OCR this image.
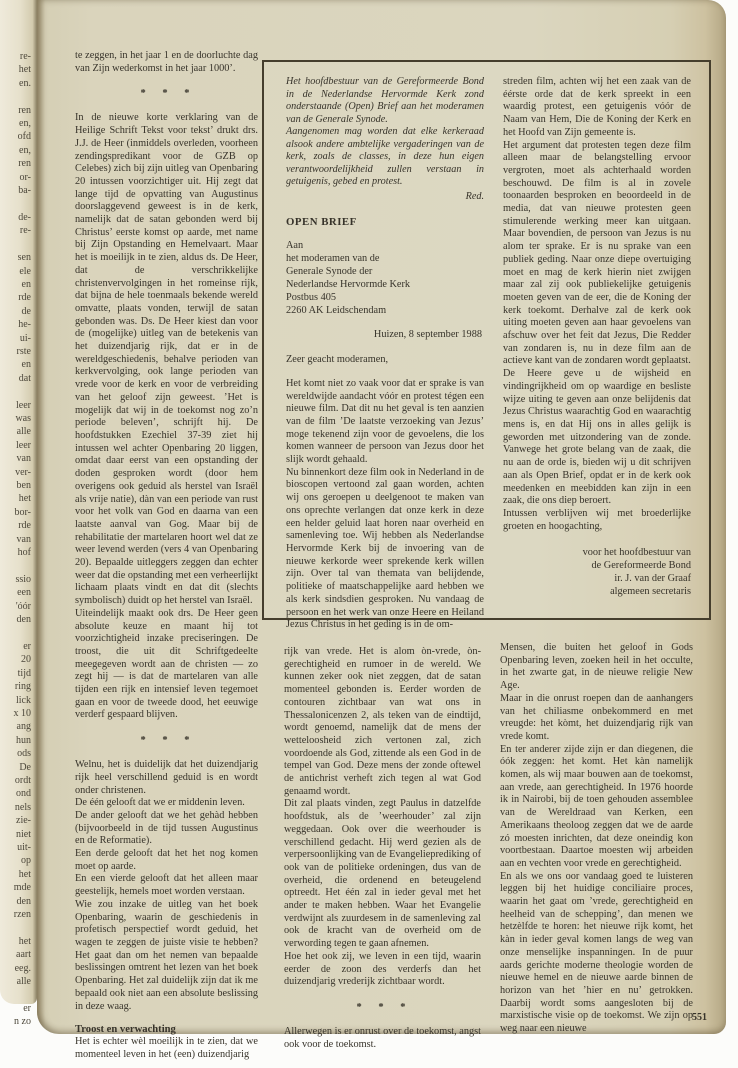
re-
het
en.

ren
en,
ofd
en,
ren
or-
ba-

de-
re-

sen
ele
en
rde
de
he-
ui-
rste
en
dat

leer
was
alle
leer
van
ver-
ben
het
bor-
rde
van
hof

ssio
een
'óór
den

er
20
tijd
ring
lick
x 10
ang
hun
ods
De
ordt
ond
nels
zie-
niet
uit-
op
het
mde
den
rzen

het
aart
eeg.
alle

er
n zo

te zeggen, in het jaar 1 en de doorluchte dag van Zijn wederkomst in het jaar 1000’.

* * *

In de nieuwe korte verklaring van de Heilige Schrift Tekst voor tekst’ drukt drs. J.J. de Heer (inmiddels overleden, voorheen zendingspredikant voor de GZB op Celebes) zich bij zijn uitleg van Openbaring 20 intussen voorzichtiger uit. Hij zegt dat lange tijd de opvatting van Augustinus doorslaggevend geweest is in de kerk, namelijk dat de satan gebonden werd bij Christus’ eerste komst op aarde, met name bij Zijn Opstanding en Hemelvaart. Maar het is moeilijk in te zien, aldus ds. De Heer, dat de verschrikkelijke christenvervolgingen in het romeinse rijk, dat bijna de hele toenmaals bekende wereld omvatte, plaats vonden, terwijl de satan gebonden was. Ds. De Heer kiest dan voor de (mogelijke) uitleg van de betekenis van het duizendjarig rijk, dat er in de wereldgeschiedenis, behalve perioden van kerkvervolging, ook lange perioden van vrede voor de kerk en voor de verbreiding van het geloof zijn geweest. ’Het is mogelijk dat wij in de toekomst nog zo’n periode beleven’, schrijft hij. De hoofdstukken Ezechiel 37-39 ziet hij intussen wel achter Openbaring 20 liggen, omdat daar eerst van een opstanding der doden gesproken wordt (door hem overigens ook geduid als herstel van Israël als vrije natie), dàn van een periode van rust voor het volk van God en daarna van een laatste aanval van Gog. Maar bij de rehabilitatie der martelaren hoort wel dat ze weer levend werden (vers 4 van Openbaring 20). Bepaalde uitleggers zeggen dan echter weer dat die opstanding met een verheerlijkt lichaam plaats vindt en dat dit (slechts symbolisch) duidt op het herstel van Israël.

Uiteindelijk maakt ook drs. De Heer geen absolute keuze en maant hij tot voorzichtigheid inzake preciseringen. De troost, die uit dit Schriftgedeelte meegegeven wordt aan de christen — zo zegt hij — is dat de martelaren van alle tijden een rijk en intensief leven tegemoet gaan en voor de tweede dood, het eeuwige verderf gespaard blijven.

* * *

Welnu, het is duidelijk dat het duizendjarig rijk heel verschillend geduid is en wordt onder christenen.

De één gelooft dat we er middenin leven.

De ander gelooft dat we het gehàd hebben (bijvoorbeeld in de tijd tussen Augustinus en de Reformatie).

Een derde gelooft dat het het nog komen moet op aarde.

En een vierde gelooft dat het alleen maar geestelijk, hemels moet worden verstaan.

Wie zou inzake de uitleg van het boek Openbaring, waarin de geschiedenis in profetisch perspectief wordt geduid, het wagen te zeggen de juiste visie te hebben? Het gaat dan om het nemen van bepaalde beslissingen omtrent het lezen van het boek Openbaring. Het zal duidelijk zijn dat ik me bepaald ook niet aan een absolute beslissing in deze waag.

Troost en verwachting

Het is echter wèl moeilijk in te zien, dat we momenteel leven in het (een) duizendjarig

Het hoofdbestuur van de Gereformeerde Bond in de Nederlandse Hervormde Kerk zond onderstaande (Open) Brief aan het moderamen van de Generale Synode.

Aangenomen mag worden dat elke kerkeraad alsook andere ambtelijke vergaderingen van de kerk, zoals de classes, in deze hun eigen verantwoordelijkheid zullen verstaan in getuigenis, gebed en protest.

Red.
OPEN BRIEF
Aan
het moderamen van de
Generale Synode der
Nederlandse Hervormde Kerk
Postbus 405
2260 AK Leidschendam
Huizen, 8 september 1988
Zeer geacht moderamen,

Het komt niet zo vaak voor dat er sprake is van wereldwijde aandacht vóór en protest tégen een nieuwe film. Dat dit nu het geval is ten aanzien van de film ’De laatste verzoeking van Jezus’ moge tekenend zijn voor de gevoelens, die los komen wanneer de persoon van Jezus door het slijk wordt gehaald.

Nu binnenkort deze film ook in Nederland in de bioscopen vertoond zal gaan worden, achten wij ons geroepen u deelgenoot te maken van ons oprechte verlangen dat onze kerk in deze een helder geluid laat horen naar overheid en samenleving toe. Wij hebben als Nederlandse Hervormde Kerk bij de invoering van de nieuwe kerkorde weer sprekende kerk willen zijn. Over tal van themata van belijdende, politieke of maatschappelijke aard hebben we als kerk sindsdien gesproken. Nu vandaag de persoon en het werk van onze Heere en Heiland Jezus Christus in het geding is in de om-

streden film, achten wij het een zaak van de éérste orde dat de kerk spreekt in een waardig protest, een getuigenis vóór de Naam van Hem, Die de Koning der Kerk en het Hoofd van Zijn gemeente is.

Het argument dat protesten tegen deze film alleen maar de belangstelling ervoor vergroten, moet als achterhaald worden beschouwd. De film is al in zovele toonaarden besproken en beoordeeld in de media, dat van nieuwe protesten geen stimulerende werking meer kan uitgaan. Maar bovendien, de persoon van Jezus is nu alom ter sprake. Er is nu sprake van een publiek geding. Naar onze diepe overtuiging moet en mag de kerk hierin niet zwijgen maar zal zij ook publiekelijke getuigenis moeten geven van de eer, die de Koning der kerk toekomt. Derhalve zal de kerk ook uiting moeten geven aan haar gevoelens van afschuw over het feit dat Jezus, Die Redder van zondaren is, nu in deze film aan de actieve kant van de zondaren wordt geplaatst.

De Heere geve u de wijsheid en vindingrijkheid om op waardige en besliste wijze uiting te geven aan onze belijdenis dat Jezus Christus waarachtig God en waarachtig mens is, en dat Hij ons in alles gelijk is geworden met uitzondering van de zonde. Vanwege het grote belang van de zaak, die nu aan de orde is, bieden wij u dit schrijven aan als Open Brief, opdat er in de kerk ook meedenken en meebidden kan zijn in een zaak, die ons diep beroert.

Intussen verblijven wij met broederlijke groeten en hoogachting,

voor het hoofdbestuur van
de Gereformeerde Bond
ir. J. van der Graaf
algemeen secretaris

rijk van vrede. Het is alom òn-vrede, òn-gerechtigheid en rumoer in de wereld. We kunnen zeker ook niet zeggen, dat de satan momenteel gebonden is. Eerder worden de contouren zichtbaar van wat ons in Thessalonicenzen 2, als teken van de eindtijd, wordt genoemd, namelijk dat de mens der wetteloosheid zich vertonen zal, zich voordoende als God, zittende als een God in de tempel van God. Deze mens der zonde oftewel de antichrist verheft zich tegen al wat God genaamd wordt.

Dit zal plaats vinden, zegt Paulus in datzelfde hoofdstuk, als de ’weerhouder’ zal zijn weggedaan. Ook over die weerhouder is verschillend gedacht. Hij werd gezien als de verpersoonlijking van de Evangelieprediking of ook van de politieke ordeningen, dus van de overheid, die ordenend en beteugelend optreedt. Het één zal in ieder geval met het ander te maken hebben. Waar het Evangelie verdwijnt als zuurdesem in de samenleving zal ook de kracht van de overheid om de verwording tegen te gaan afnemen.

Hoe het ook zij, we leven in een tijd, waarin eerder de zoon des verderfs dan het duizendjarig vrederijk zichtbaar wordt.

* * *

Allerwegen is er onrust over de toekomst, angst ook voor de toekomst.

Mensen, die buiten het geloof in Gods Openbaring leven, zoeken heil in het occulte, in het zwarte gat, in de nieuwe religie New Age.

Maar in die onrust roepen dan de aanhangers van het chiliasme onbekommerd en met vreugde: het kòmt, het duizendjarig rijk van vrede komt.

En ter anderer zijde zijn er dan diegenen, die óók zeggen: het komt. Het kàn namelijk komen, als wij maar bouwen aan de toekomst, aan vrede, aan gerechtigheid. In 1976 hoorde ik in Nairobi, bij de toen gehouden assemblee van de Wereldraad van Kerken, een Amerikaans theoloog zeggen dat we de aarde zó moesten inrichten, dat deze oneindig kon voortbestaan. Daartoe moesten wij arbeiden aan en vechten voor vrede en gerechtigheid.

En als we ons oor vandaag goed te luisteren leggen bij het huidige conciliaire proces, waarin het gaat om ’vrede, gerechtigheid en heelheid van de schepping’, dan menen we hetzèlfde te horen: het nieuwe rijk komt, het kàn in ieder geval komen langs de weg van onze menselijke inspanningen. In de puur aards gerichte moderne theologie worden de nieuwe hemel en de nieuwe aarde binnen de horizon van het ’hier en nu’ getrokken. Daarbij wordt soms aangesloten bij de marxistische visie op de toekomst. We zijn op weg naar een nieuwe

551
